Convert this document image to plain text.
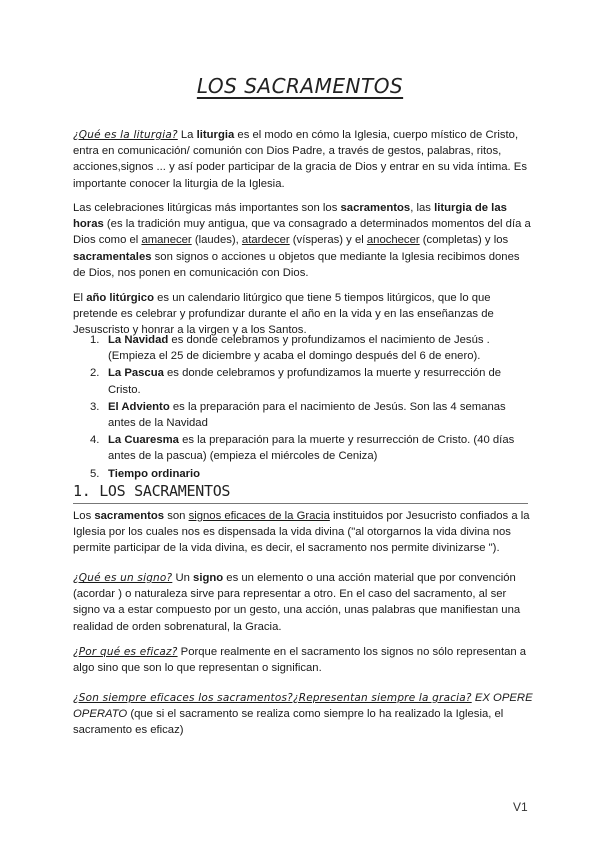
LOS SACRAMENTOS

¿Qué es la liturgia? La liturgia es el modo en cómo la Iglesia, cuerpo místico de Cristo, entra en comunicación/ comunión con Dios Padre, a través de gestos, palabras, ritos, acciones,signos ... y así poder participar de la gracia de Dios y entrar en su vida íntima. Es importante conocer la liturgia de la Iglesia.

Las celebraciones litúrgicas más importantes son los sacramentos, las liturgia de las horas (es la tradición muy antigua, que va consagrado a determinados momentos del día a Dios como el amanecer (laudes), atardecer (vísperas) y el anochecer (completas) y los sacramentales son signos o acciones u objetos que mediante la Iglesia recibimos dones de Dios, nos ponen en comunicación con Dios.

El año litúrgico es un calendario litúrgico que tiene 5 tiempos litúrgicos, que lo que pretende es celebrar y profundizar durante el año en la vida y en las enseñanzas de Jesuscristo y honrar a la virgen y a los Santos.

1. La Navidad es donde celebramos y profundizamos el nacimiento de Jesús . (Empieza el 25 de diciembre y acaba el domingo después del 6 de enero).
2. La Pascua es donde celebramos y profundizamos la muerte y resurrección de Cristo.
3. El Adviento es la preparación para el nacimiento de Jesús. Son las 4 semanas antes de la Navidad
4. La Cuaresma es la preparación para la muerte y resurrección de Cristo. (40 días antes de la pascua) (empieza el miércoles de Ceniza)
5. Tiempo ordinario
1. LOS SACRAMENTOS

Los sacramentos son signos eficaces de la Gracia instituidos por Jesucristo confiados a la Iglesia por los cuales nos es dispensada la vida divina ("al otorgarnos la vida divina nos permite participar de la vida divina, es decir, el sacramento nos permite divinizarse ").

¿Qué es un signo? Un signo es un elemento o una acción material que por convención (acordar ) o naturaleza sirve para representar a otro. En el caso del sacramento, al ser signo va a estar compuesto por un gesto, una acción, unas palabras que manifiestan una realidad de orden sobrenatural, la Gracia.

¿Por qué es eficaz? Porque realmente en el sacramento los signos no sólo representan a algo sino que son lo que representan o significan.

¿Son siempre eficaces los sacramentos?¿Representan siempre la gracia? EX OPERE OPERATO (que si el sacramento se realiza como siempre lo ha realizado la Iglesia, el sacramento es eficaz)

V1
